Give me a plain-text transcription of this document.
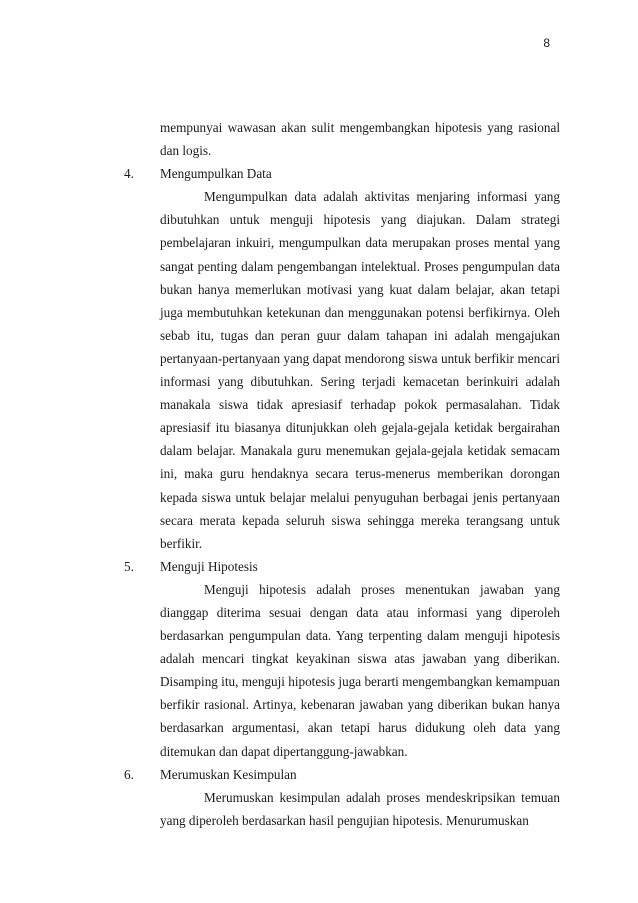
8

mempunyai wawasan akan sulit mengembangkan hipotesis yang rasional dan logis.

4.	Mengumpulkan Data

Mengumpulkan data adalah aktivitas menjaring informasi yang dibutuhkan untuk menguji hipotesis yang diajukan. Dalam strategi pembelajaran inkuiri, mengumpulkan data merupakan proses mental yang sangat penting dalam pengembangan intelektual. Proses pengumpulan data bukan hanya memerlukan motivasi yang kuat dalam belajar, akan tetapi juga membutuhkan ketekunan dan menggunakan potensi berfikirnya. Oleh sebab itu, tugas dan peran guur dalam tahapan ini adalah mengajukan pertanyaan-pertanyaan yang dapat mendorong siswa untuk berfikir mencari informasi yang dibutuhkan. Sering terjadi kemacetan berinkuiri adalah manakala siswa tidak apresiasif terhadap pokok permasalahan. Tidak apresiasif itu biasanya ditunjukkan oleh gejala-gejala ketidak bergairahan dalam belajar. Manakala guru menemukan gejala-gejala ketidak semacam ini, maka guru hendaknya secara terus-menerus memberikan dorongan kepada siswa untuk belajar melalui penyuguhan berbagai jenis pertanyaan secara merata kepada seluruh siswa sehingga mereka terangsang untuk berfikir.

5.	Menguji Hipotesis

Menguji hipotesis adalah proses menentukan jawaban yang dianggap diterima sesuai dengan data atau informasi yang diperoleh berdasarkan pengumpulan data. Yang terpenting dalam menguji hipotesis adalah mencari tingkat keyakinan siswa atas jawaban yang diberikan. Disamping itu, menguji hipotesis juga berarti mengembangkan kemampuan berfikir rasional. Artinya, kebenaran jawaban yang diberikan bukan hanya berdasarkan argumentasi, akan tetapi harus didukung oleh data yang ditemukan dan dapat dipertanggung-jawabkan.

6.	Merumuskan Kesimpulan

Merumuskan kesimpulan adalah proses mendeskripsikan temuan yang diperoleh berdasarkan hasil pengujian hipotesis. Menurumuskan
